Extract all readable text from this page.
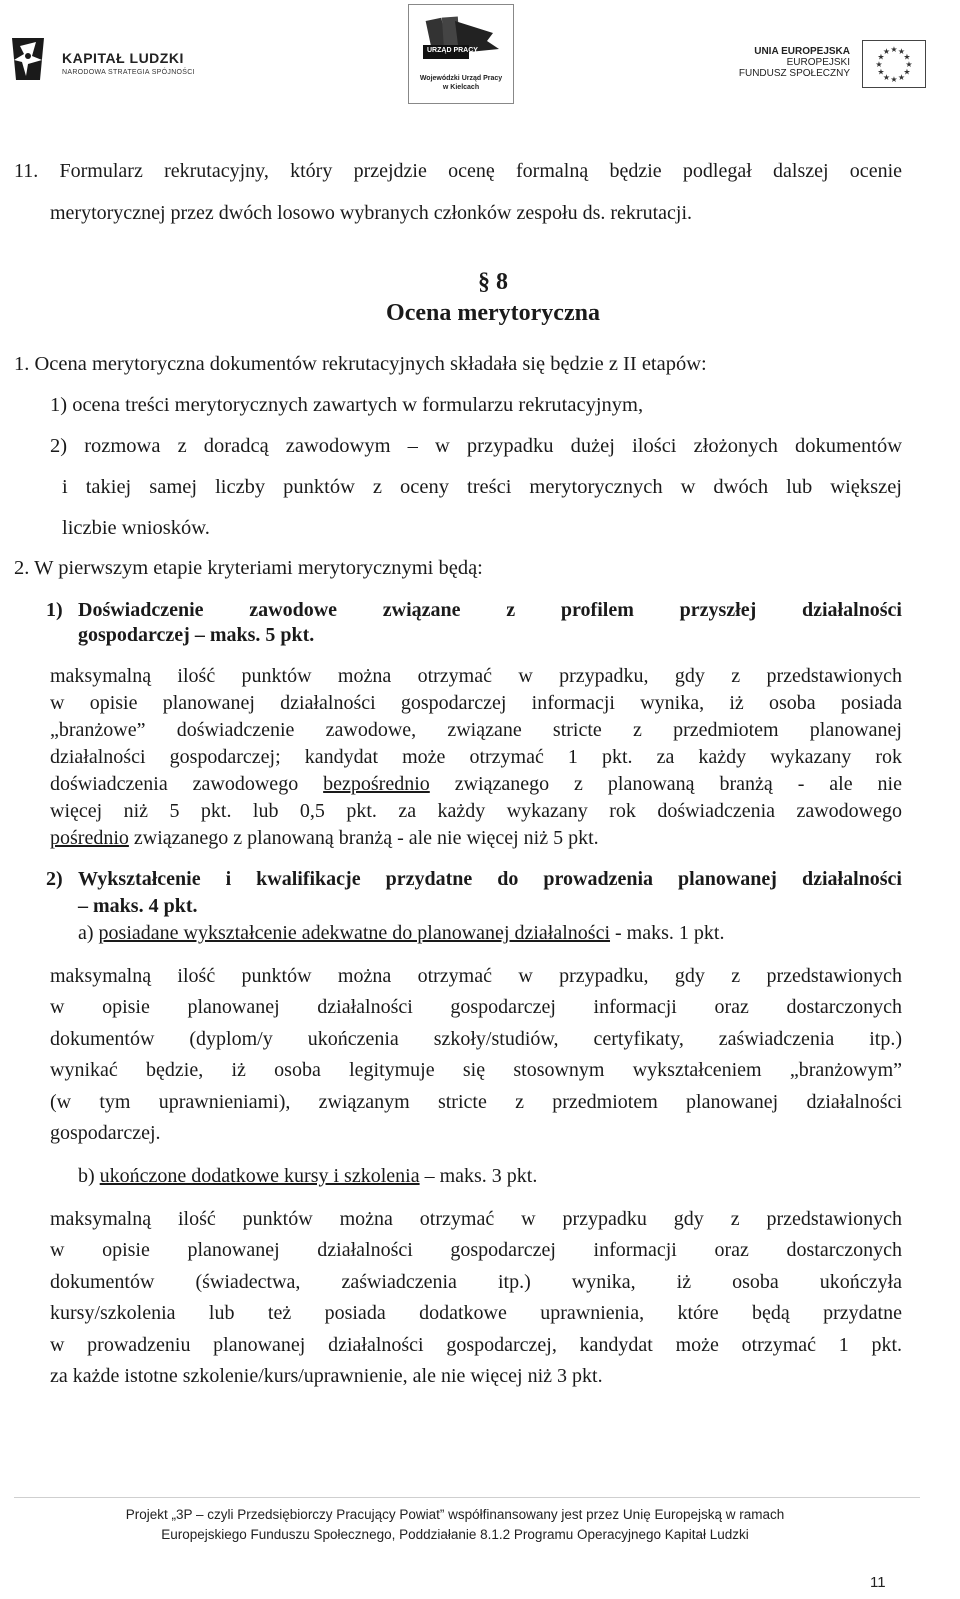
KAPITAŁ LUDZKI
NARODOWA STRATEGIA SPÓJNOŚCI
URZĄD PRACY
Wojewódzki Urząd Pracy
w Kielcach
UNIA EUROPEJSKA
EUROPEJSKI
FUNDUSZ SPOŁECZNY
★
★
★
★
★
★
★
★
★ ★ ★
★
11. Formularz rekrutacyjny, który przejdzie ocenę formalną będzie podlegał dalszej ocenie
merytorycznej przez dwóch losowo wybranych członków zespołu ds. rekrutacji.
§ 8
Ocena merytoryczna
1. Ocena merytoryczna dokumentów rekrutacyjnych składała się będzie z II etapów:
1) ocena treści merytorycznych zawartych w formularzu rekrutacyjnym,
2) rozmowa z doradcą zawodowym – w przypadku dużej ilości złożonych dokumentów
i takiej samej liczby punktów z oceny treści merytorycznych w dwóch lub większej
liczbie wniosków.
2. W pierwszym etapie kryteriami merytorycznymi będą:
1) Doświadczenie zawodowe związane z profilem przyszłej działalności
gospodarczej – maks. 5 pkt.
maksymalną ilość punktów można otrzymać w przypadku, gdy z przedstawionych
w opisie planowanej działalności gospodarczej informacji wynika, iż osoba posiada
„branżowe” doświadczenie zawodowe, związane stricte z przedmiotem planowanej
działalności gospodarczej; kandydat może otrzymać 1 pkt. za każdy wykazany rok
doświadczenia zawodowego bezpośrednio związanego z planowaną branżą - ale nie
więcej niż 5 pkt. lub 0,5 pkt. za każdy wykazany rok doświadczenia zawodowego
pośrednio związanego z planowaną branżą - ale nie więcej niż 5 pkt.
2) Wykształcenie i kwalifikacje przydatne do prowadzenia planowanej działalności
– maks. 4 pkt.
a) posiadane wykształcenie adekwatne do planowanej działalności - maks. 1 pkt.
maksymalną ilość punktów można otrzymać w przypadku, gdy z przedstawionych
w opisie planowanej działalności gospodarczej informacji oraz dostarczonych
dokumentów (dyplom/y ukończenia szkoły/studiów, certyfikaty, zaświadczenia itp.)
wynikać będzie, iż osoba legitymuje się stosownym wykształceniem „branżowym”
(w tym uprawnieniami), związanym stricte z przedmiotem planowanej działalności
gospodarczej.
b) ukończone dodatkowe kursy i szkolenia – maks. 3 pkt.
maksymalną ilość punktów można otrzymać w przypadku gdy z przedstawionych
w opisie planowanej działalności gospodarczej informacji oraz dostarczonych
dokumentów (świadectwa, zaświadczenia itp.) wynika, iż osoba ukończyła
kursy/szkolenia lub też posiada dodatkowe uprawnienia, które będą przydatne
w prowadzeniu planowanej działalności gospodarczej, kandydat może otrzymać 1 pkt.
za każde istotne szkolenie/kurs/uprawnienie, ale nie więcej niż 3 pkt.
Projekt „3P – czyli Przedsiębiorczy Pracujący Powiat” współfinansowany jest przez Unię Europejską w ramach
Europejskiego Funduszu Społecznego, Poddziałanie 8.1.2 Programu Operacyjnego Kapitał Ludzki
11
